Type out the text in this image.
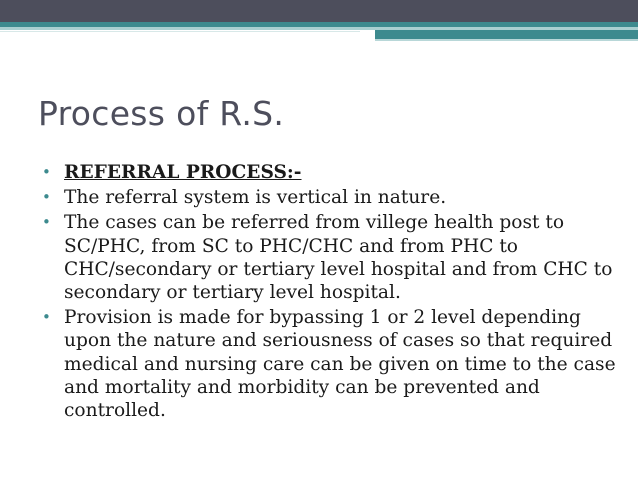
Process of R.S.
• REFERRAL PROCESS:-
• The referral system is vertical in nature.
• The cases can be referred from villege health post to SC/PHC, from SC to PHC/CHC and from PHC to CHC/secondary or tertiary level hospital and from CHC to secondary or tertiary level hospital.
• Provision is made for bypassing 1 or 2 level depending upon the nature and seriousness of cases so that required medical and nursing care can be given on time to the case and mortality and morbidity can be prevented and controlled.
